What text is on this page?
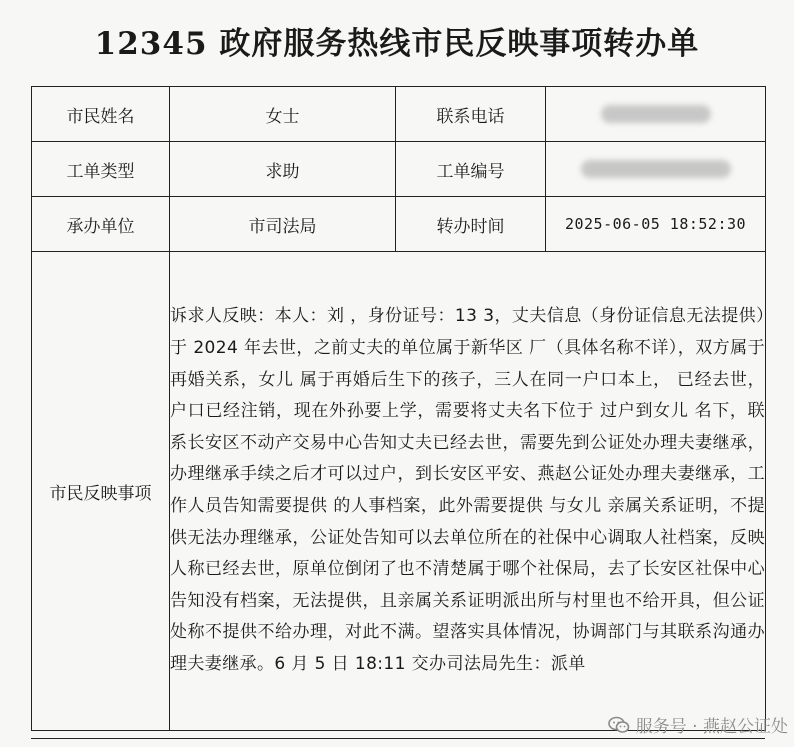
12345 政府服务热线市民反映事项转办单
市民姓名	女士	联系电话	
工单类型	求助	工单编号	
承办单位	市司法局	转办时间	2025-06-05 18:52:30
市民反映事项	诉求人反映：本人：刘 ，身份证号：13 3，丈夫信息（身份证信息无法提供）于 2024 年去世，之前丈夫的单位属于新华区 厂（具体名称不详），双方属于再婚关系，女儿 属于再婚后生下的孩子，三人在同一户口本上， 已经去世，户口已经注销，现在外孙要上学，需要将丈夫名下位于 过户到女儿 名下，联系长安区不动产交易中心告知丈夫已经去世，需要先到公证处办理夫妻继承，办理继承手续之后才可以过户，到长安区平安、燕赵公证处办理夫妻继承，工作人员告知需要提供 的人事档案，此外需要提供 与女儿 亲属关系证明，不提供无法办理继承，公证处告知可以去单位所在的社保中心调取人社档案，反映人称已经去世，原单位倒闭了也不清楚属于哪个社保局，去了长安区社保中心告知没有档案，无法提供，且亲属关系证明派出所与村里也不给开具，但公证处称不提供不给办理，对此不满。望落实具体情况，协调部门与其联系沟通办理夫妻继承。6 月 5 日 18:11 交办司法局先生：派单		
服务号 · 燕赵公证处
